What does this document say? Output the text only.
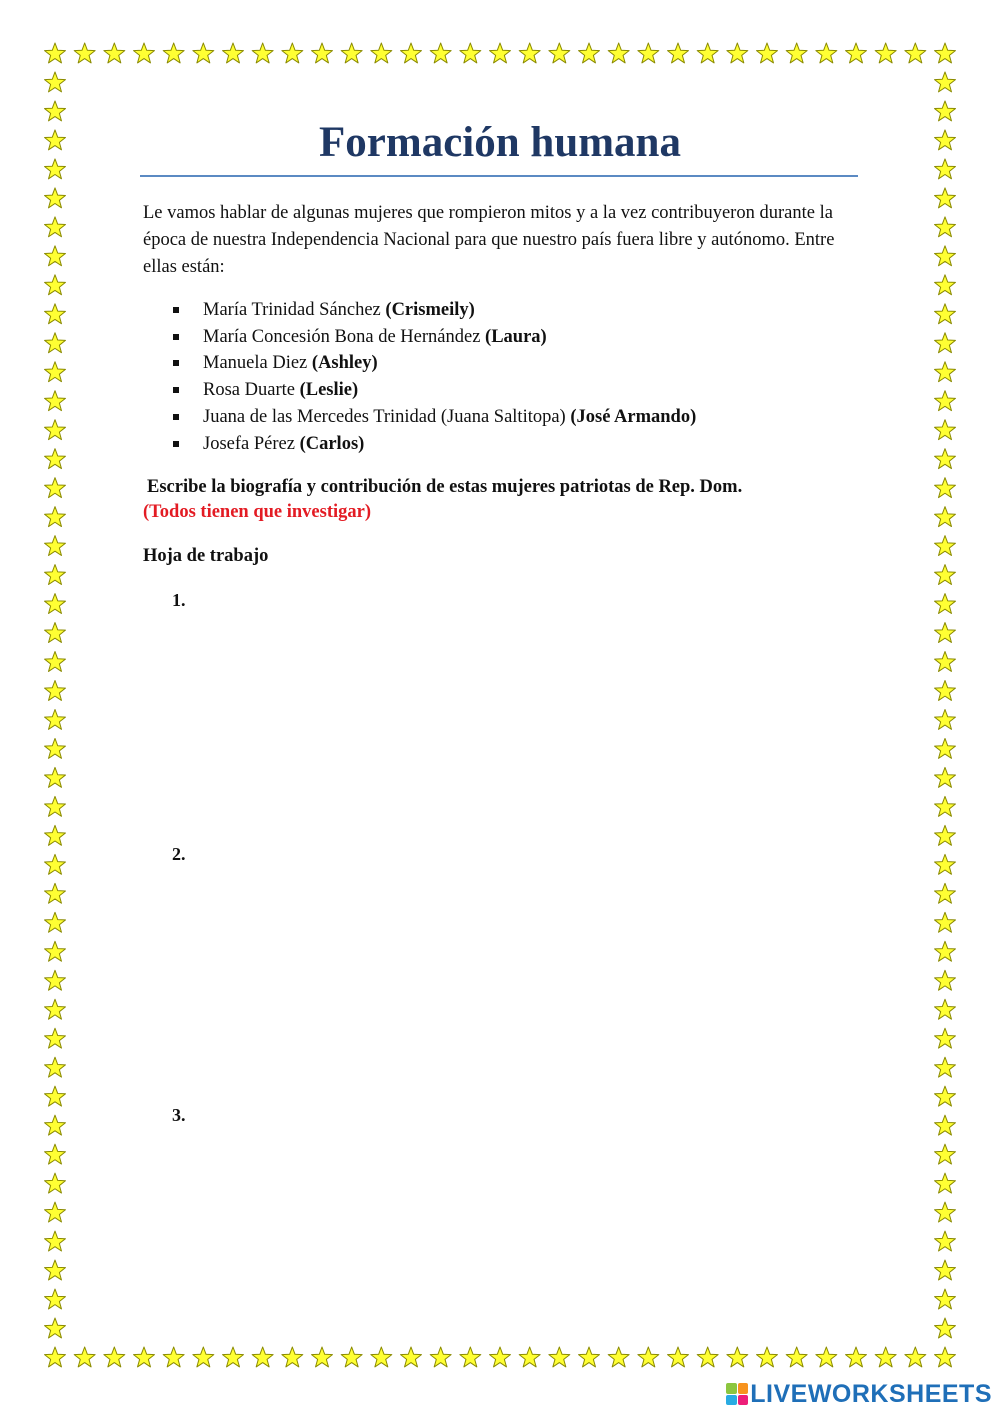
Formación humana

Le vamos hablar de algunas mujeres que rompieron mitos y a la vez contribuyeron durante la época de nuestra Independencia Nacional para que nuestro país fuera libre y autónomo. Entre ellas están:

María Trinidad Sánchez (Crismeily)
María Concesión Bona de Hernández (Laura)
Manuela Diez (Ashley)
Rosa Duarte (Leslie)
Juana de las Mercedes Trinidad (Juana Saltitopa) (José Armando)
Josefa Pérez (Carlos)

Escribe la biografía y contribución de estas mujeres patriotas de Rep. Dom.

(Todos tienen que investigar)

Hoja de trabajo

1.

2.

3.

LIVEWORKSHEETS
